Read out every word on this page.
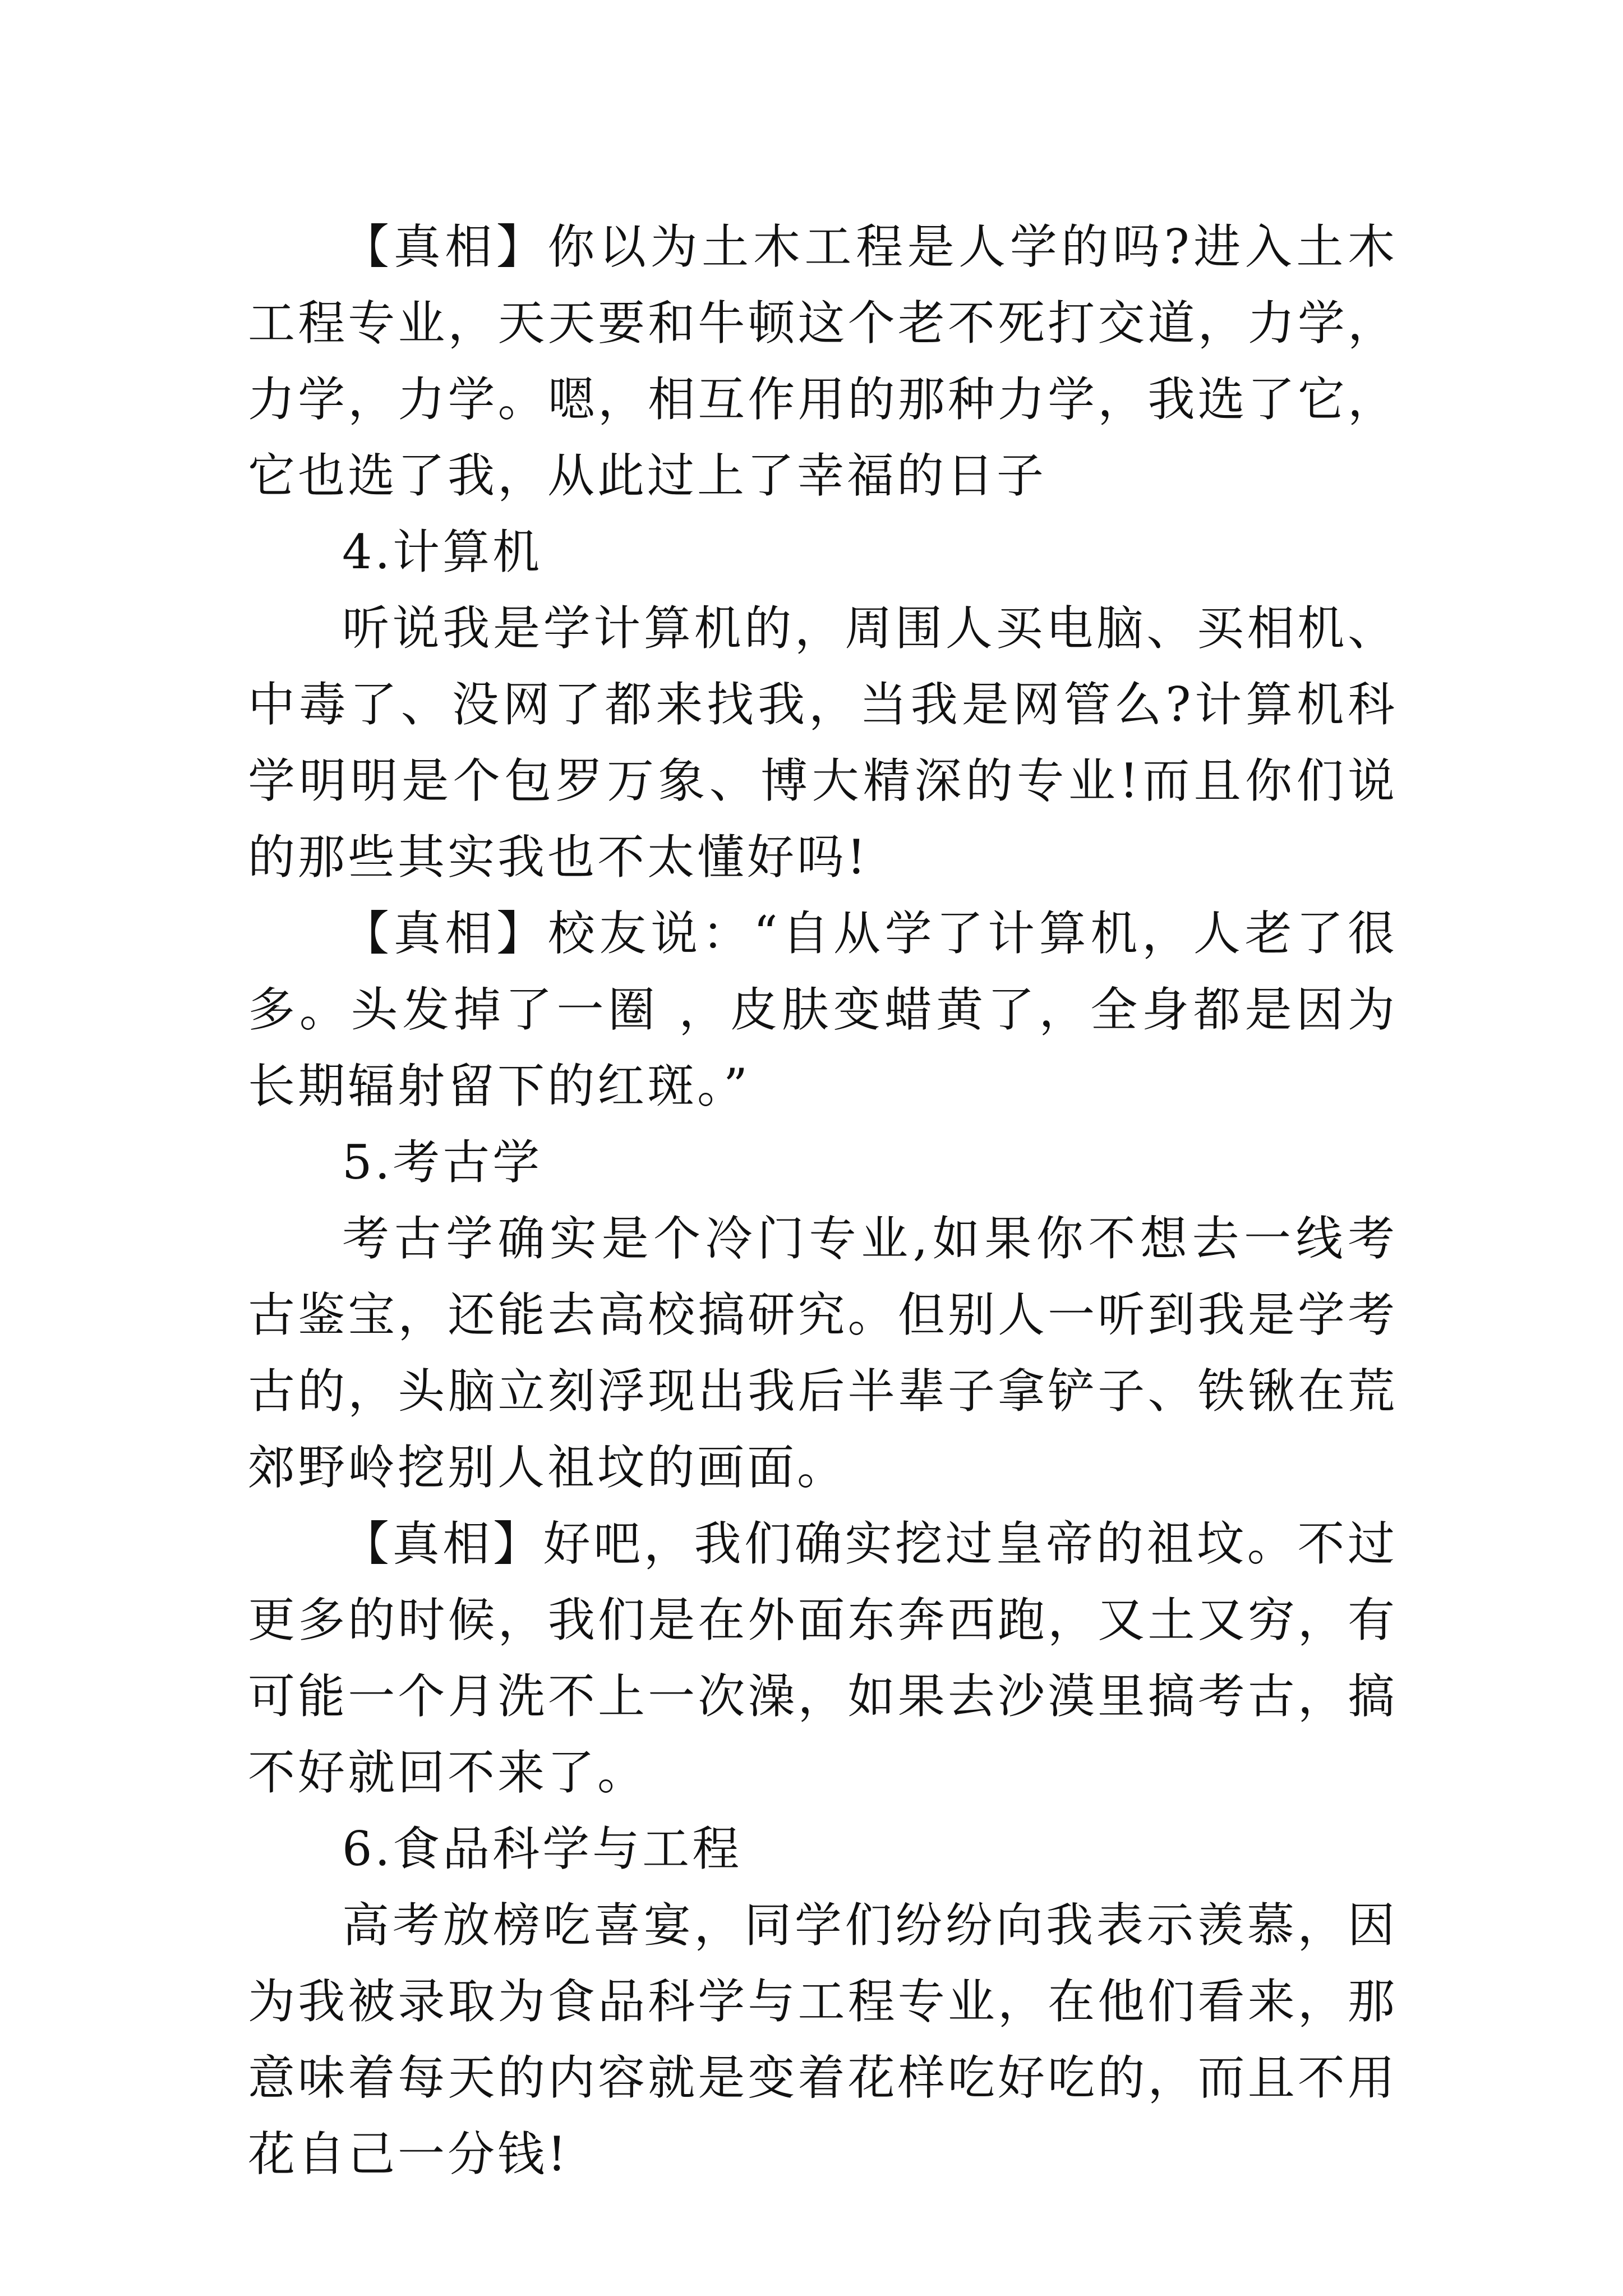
【真相】你以为土木工程是人学的吗?进入土木工程专业，天天要和牛顿这个老不死打交道，力学，力学，力学。嗯，相互作用的那种力学，我选了它，它也选了我，从此过上了幸福的日子

4.计算机

听说我是学计算机的，周围人买电脑、买相机、中毒了、没网了都来找我，当我是网管么?计算机科学明明是个包罗万象、博大精深的专业!而且你们说的那些其实我也不太懂好吗!

【真相】校友说：“自从学了计算机，人老了很多。头发掉了一圈 ，皮肤变蜡黄了，全身都是因为长期辐射留下的红斑。”

5.考古学

考古学确实是个冷门专业,如果你不想去一线考古鉴宝，还能去高校搞研究。但别人一听到我是学考古的，头脑立刻浮现出我后半辈子拿铲子、铁锹在荒郊野岭挖别人祖坟的画面。

【真相】好吧，我们确实挖过皇帝的祖坟。不过更多的时候，我们是在外面东奔西跑，又土又穷，有可能一个月洗不上一次澡，如果去沙漠里搞考古，搞不好就回不来了。

6.食品科学与工程

高考放榜吃喜宴，同学们纷纷向我表示羡慕，因为我被录取为食品科学与工程专业，在他们看来，那意味着每天的内容就是变着花样吃好吃的，而且不用花自己一分钱!
